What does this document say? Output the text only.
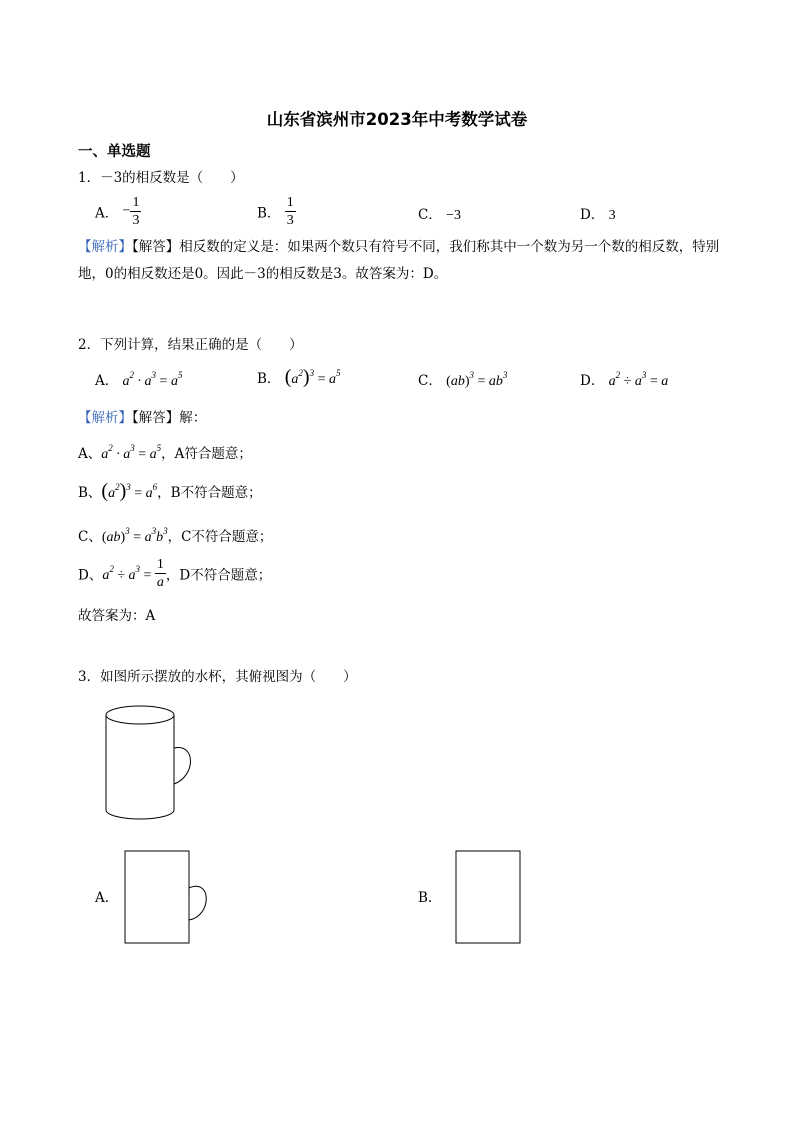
山东省滨州市2023年中考数学试卷
一、单选题
1．－3的相反数是（　　）
A． − $\frac{1}{3}$	B． $\frac{1}{3}$	C． −3	D． 3
【解析】【解答】相反数的定义是：如果两个数只有符号不同，我们称其中一个数为另一个数的相反数，特别地，0的相反数还是0。因此－3的相反数是3。故答案为：D。
2．下列计算，结果正确的是（　　）
A． $a^2 \cdot a^3 = a^5$	B． $(a^2)^3 = a^5$	C． $(ab)^3 = ab^3$	D． $a^2 \div a^3 = a$
【解析】【解答】解：
A、$a^2 \cdot a^3 = a^5$，A符合题意；
B、$(a^2)^3 = a^6$，B不符合题意；
C、$(ab)^3 = a^3b^3$，C不符合题意；
D、$a^2 \div a^3 = \frac{1}{a}$ ，D不符合题意；
故答案为：A
3．如图所示摆放的水杯，其俯视图为（　　）
A.	B.
